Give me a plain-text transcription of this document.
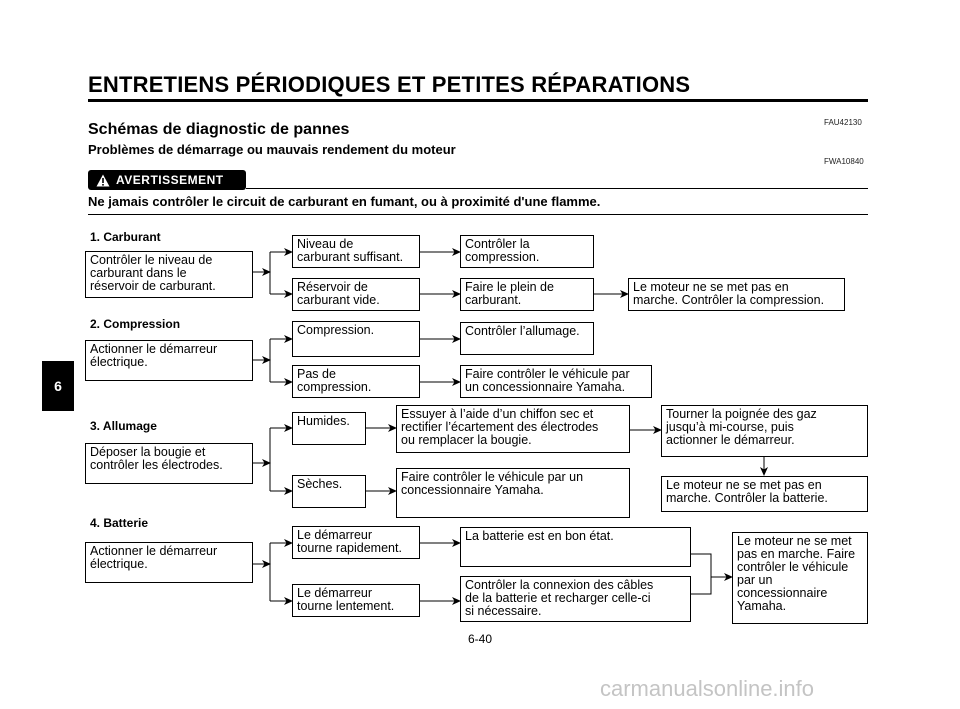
ENTRETIENS PÉRIODIQUES ET PETITES RÉPARATIONS
FAU42130
Schémas de diagnostic de pannes
Problèmes de démarrage ou mauvais rendement du moteur
FWA10840
AVERTISSEMENT
Ne jamais contrôler le circuit de carburant en fumant, ou à proximité d'une flamme.
1. Carburant
Contrôler le niveau de
carburant dans le
réservoir de carburant.
Niveau de
carburant suffisant.
Contrôler la
compression.
Réservoir de
carburant vide.
Faire le plein de
carburant.
Le moteur ne se met pas en
marche. Contrôler la compression.
2. Compression
Actionner le démarreur
électrique.
Compression.	Contrôler l’allumage.
Pas de
compression.
Faire contrôler le véhicule par
un concessionnaire Yamaha.
3. Allumage
Déposer la bougie et
contrôler les électrodes.
Humides.	Essuyer à l’aide d’un chiffon sec et
rectifier l’écartement des électrodes
ou remplacer la bougie.
Tourner la poignée des gaz
jusqu’à mi-course, puis
actionner le démarreur.
Le moteur ne se met pas en
marche. Contrôler la batterie.
Sèches.	Faire contrôler le véhicule par un
concessionnaire Yamaha.
4. Batterie
Actionner le démarreur
électrique.
Le démarreur
tourne rapidement.
La batterie est en bon état.
Le démarreur
tourne lentement.
Contrôler la connexion des câbles
de la batterie et recharger celle-ci
si nécessaire.
Le moteur ne se met
pas en marche. Faire
contrôler le véhicule
par un
concessionnaire
Yamaha.
6
6-40
carmanualsonline.info
